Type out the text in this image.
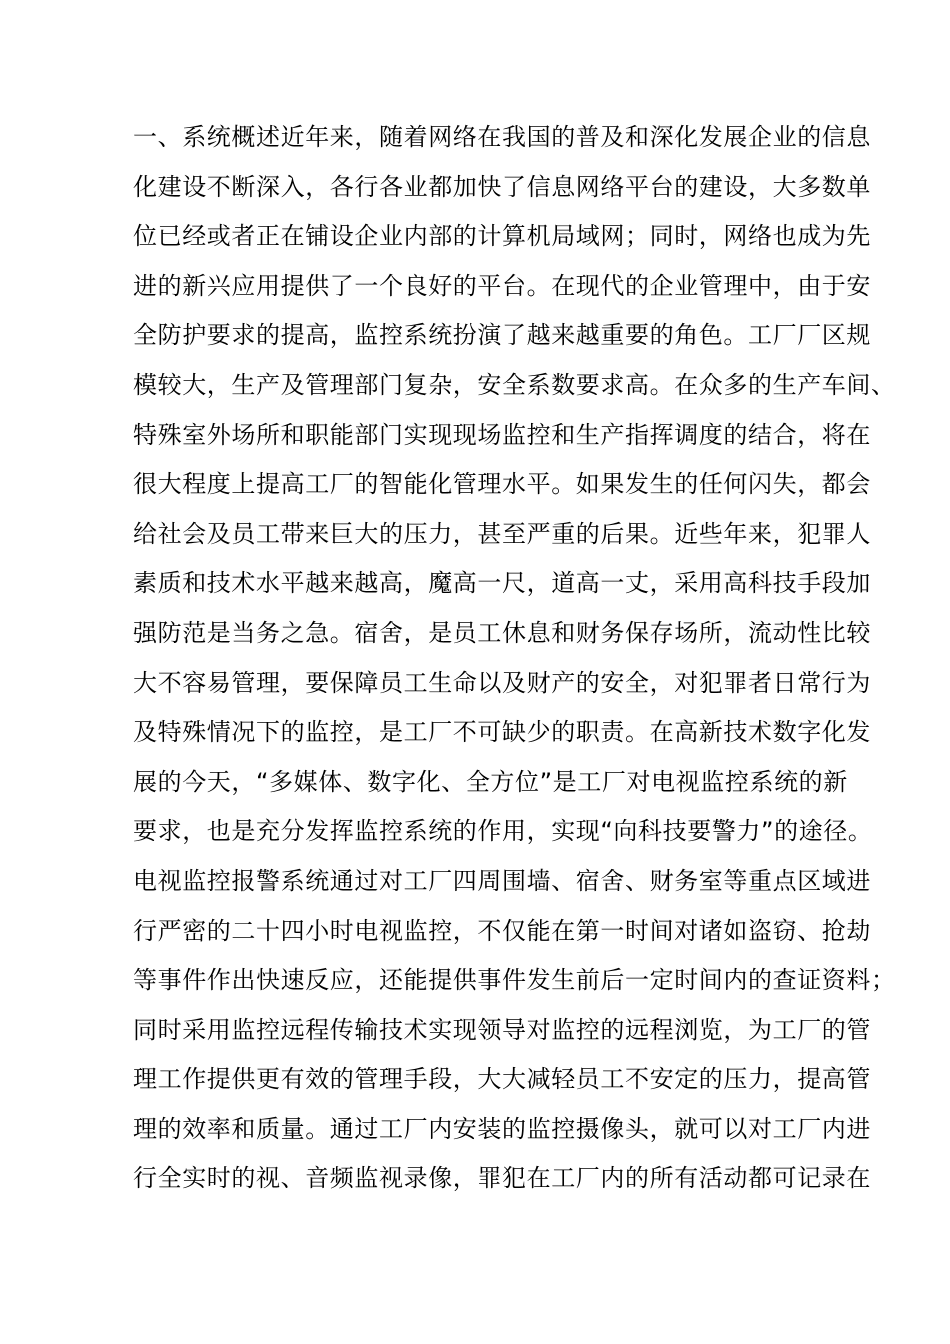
一、系统概述近年来，随着网络在我国的普及和深化发展企业的信息
化建设不断深入，各行各业都加快了信息网络平台的建设，大多数单
位已经或者正在铺设企业内部的计算机局域网；同时，网络也成为先
进的新兴应用提供了一个良好的平台。在现代的企业管理中，由于安
全防护要求的提高，监控系统扮演了越来越重要的角色。工厂厂区规
模较大，生产及管理部门复杂，安全系数要求高。在众多的生产车间、
特殊室外场所和职能部门实现现场监控和生产指挥调度的结合，将在
很大程度上提高工厂的智能化管理水平。如果发生的任何闪失，都会
给社会及员工带来巨大的压力，甚至严重的后果。近些年来，犯罪人
素质和技术水平越来越高，魔高一尺，道高一丈，采用高科技手段加
强防范是当务之急。宿舍，是员工休息和财务保存场所，流动性比较
大不容易管理，要保障员工生命以及财产的安全，对犯罪者日常行为
及特殊情况下的监控，是工厂不可缺少的职责。在高新技术数字化发
展的今天，“多媒体、数字化、全方位”是工厂对电视监控系统的新
要求，也是充分发挥监控系统的作用，实现“向科技要警力”的途径。
电视监控报警系统通过对工厂四周围墙、宿舍、财务室等重点区域进
行严密的二十四小时电视监控，不仅能在第一时间对诸如盗窃、抢劫
等事件作出快速反应，还能提供事件发生前后一定时间内的查证资料；
同时采用监控远程传输技术实现领导对监控的远程浏览，为工厂的管
理工作提供更有效的管理手段，大大减轻员工不安定的压力，提高管
理的效率和质量。通过工厂内安装的监控摄像头，就可以对工厂内进
行全实时的视、音频监视录像，罪犯在工厂内的所有活动都可记录在
